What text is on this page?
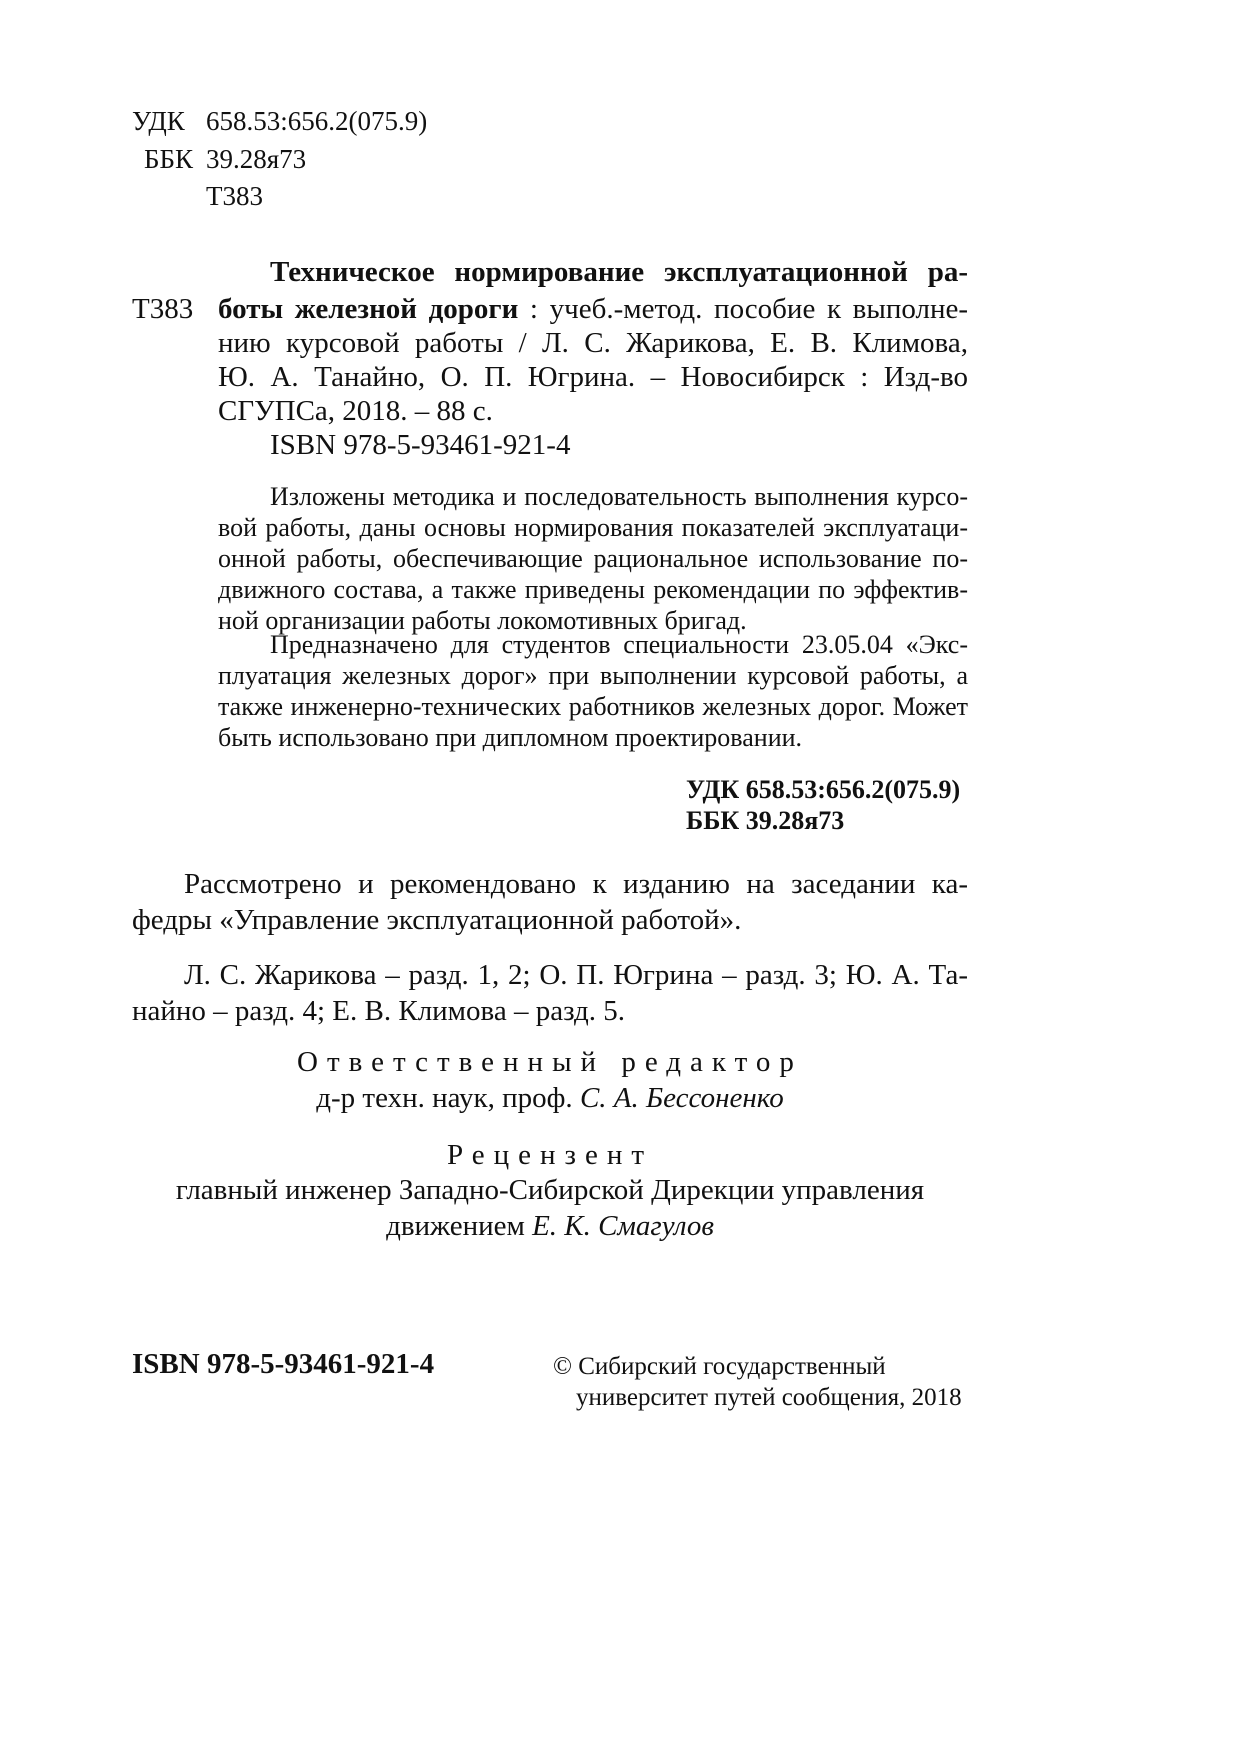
УДК 658.53:656.2(075.9)
ББК 39.28я73
Т383
Т383
Техническое нормирование эксплуатационной ра-
боты железной дороги : учеб.-метод. пособие к выполне-
нию курсовой работы / Л. С. Жарикова, Е. В. Климова,
Ю. А. Танайно, О. П. Югрина. – Новосибирск : Изд-во
СГУПСа, 2018. – 88 с.
ISBN 978-5-93461-921-4
Изложены методика и последовательность выполнения курсо-
вой работы, даны основы нормирования показателей эксплуатаци-
онной работы, обеспечивающие рациональное использование по-
движного состава, а также приведены рекомендации по эффектив-
ной организации работы локомотивных бригад.
Предназначено для студентов специальности 23.05.04 «Экс-
плуатация железных дорог» при выполнении курсовой работы, а
также инженерно-технических работников железных дорог. Может
быть использовано при дипломном проектировании.
УДК 658.53:656.2(075.9)
ББК 39.28я73
Рассмотрено и рекомендовано к изданию на заседании ка-
федры «Управление эксплуатационной работой».
Л. С. Жарикова – разд. 1, 2; О. П. Югрина – разд. 3; Ю. А. Та-
найно – разд. 4; Е. В. Климова – разд. 5.
Ответственный редактор
д-р техн. наук, проф. С. А. Бессоненко
Рецензент
главный инженер Западно-Сибирской Дирекции управления
движением Е. К. Смагулов
ISBN 978-5-93461-921-4	© Сибирский государственный
университет путей сообщения, 2018
